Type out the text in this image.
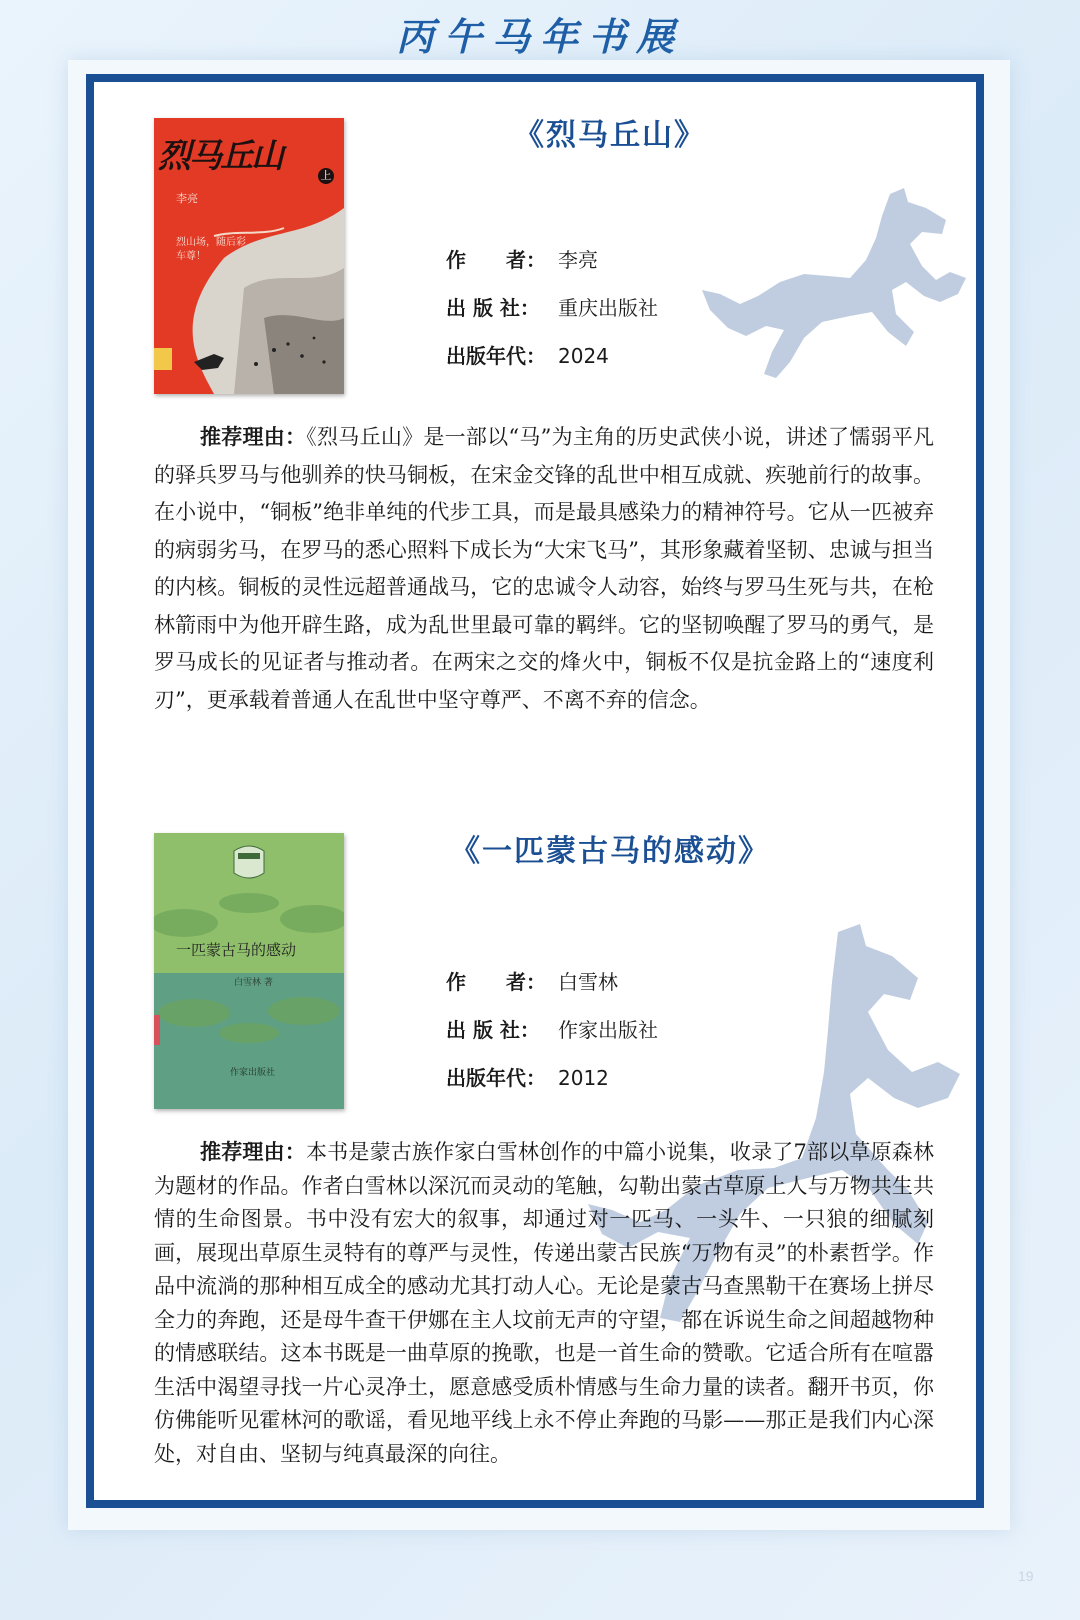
丙午马年书展
烈马丘山
上
李亮
烈山场，随后彩车尊！
《烈马丘山》
作　　者： 李亮
出 版 社： 重庆出版社
出版年代： 2024
推荐理由：《烈马丘山》是一部以“马”为主角的历史武侠小说，讲述了懦弱平凡的驿兵罗马与他驯养的快马铜板，在宋金交锋的乱世中相互成就、疾驰前行的故事。在小说中，“铜板”绝非单纯的代步工具，而是最具感染力的精神符号。它从一匹被弃的病弱劣马，在罗马的悉心照料下成长为“大宋飞马”，其形象藏着坚韧、忠诚与担当的内核。铜板的灵性远超普通战马，它的忠诚令人动容，始终与罗马生死与共，在枪林箭雨中为他开辟生路，成为乱世里最可靠的羁绊。它的坚韧唤醒了罗马的勇气，是罗马成长的见证者与推动者。在两宋之交的烽火中，铜板不仅是抗金路上的“速度利刃”，更承载着普通人在乱世中坚守尊严、不离不弃的信念。
一匹蒙古马的感动
白雪林 著
作家出版社
《一匹蒙古马的感动》
作　　者： 白雪林
出 版 社： 作家出版社
出版年代： 2012
推荐理由：本书是蒙古族作家白雪林创作的中篇小说集，收录了7部以草原森林为题材的作品。作者白雪林以深沉而灵动的笔触，勾勒出蒙古草原上人与万物共生共情的生命图景。书中没有宏大的叙事，却通过对一匹马、一头牛、一只狼的细腻刻画，展现出草原生灵特有的尊严与灵性，传递出蒙古民族“万物有灵”的朴素哲学。作品中流淌的那种相互成全的感动尤其打动人心。无论是蒙古马查黑勒干在赛场上拼尽全力的奔跑，还是母牛查干伊娜在主人坟前无声的守望，都在诉说生命之间超越物种的情感联结。这本书既是一曲草原的挽歌，也是一首生命的赞歌。它适合所有在喧嚣生活中渴望寻找一片心灵净土，愿意感受质朴情感与生命力量的读者。翻开书页，你仿佛能听见霍林河的歌谣，看见地平线上永不停止奔跑的马影——那正是我们内心深处，对自由、坚韧与纯真最深的向往。
19
